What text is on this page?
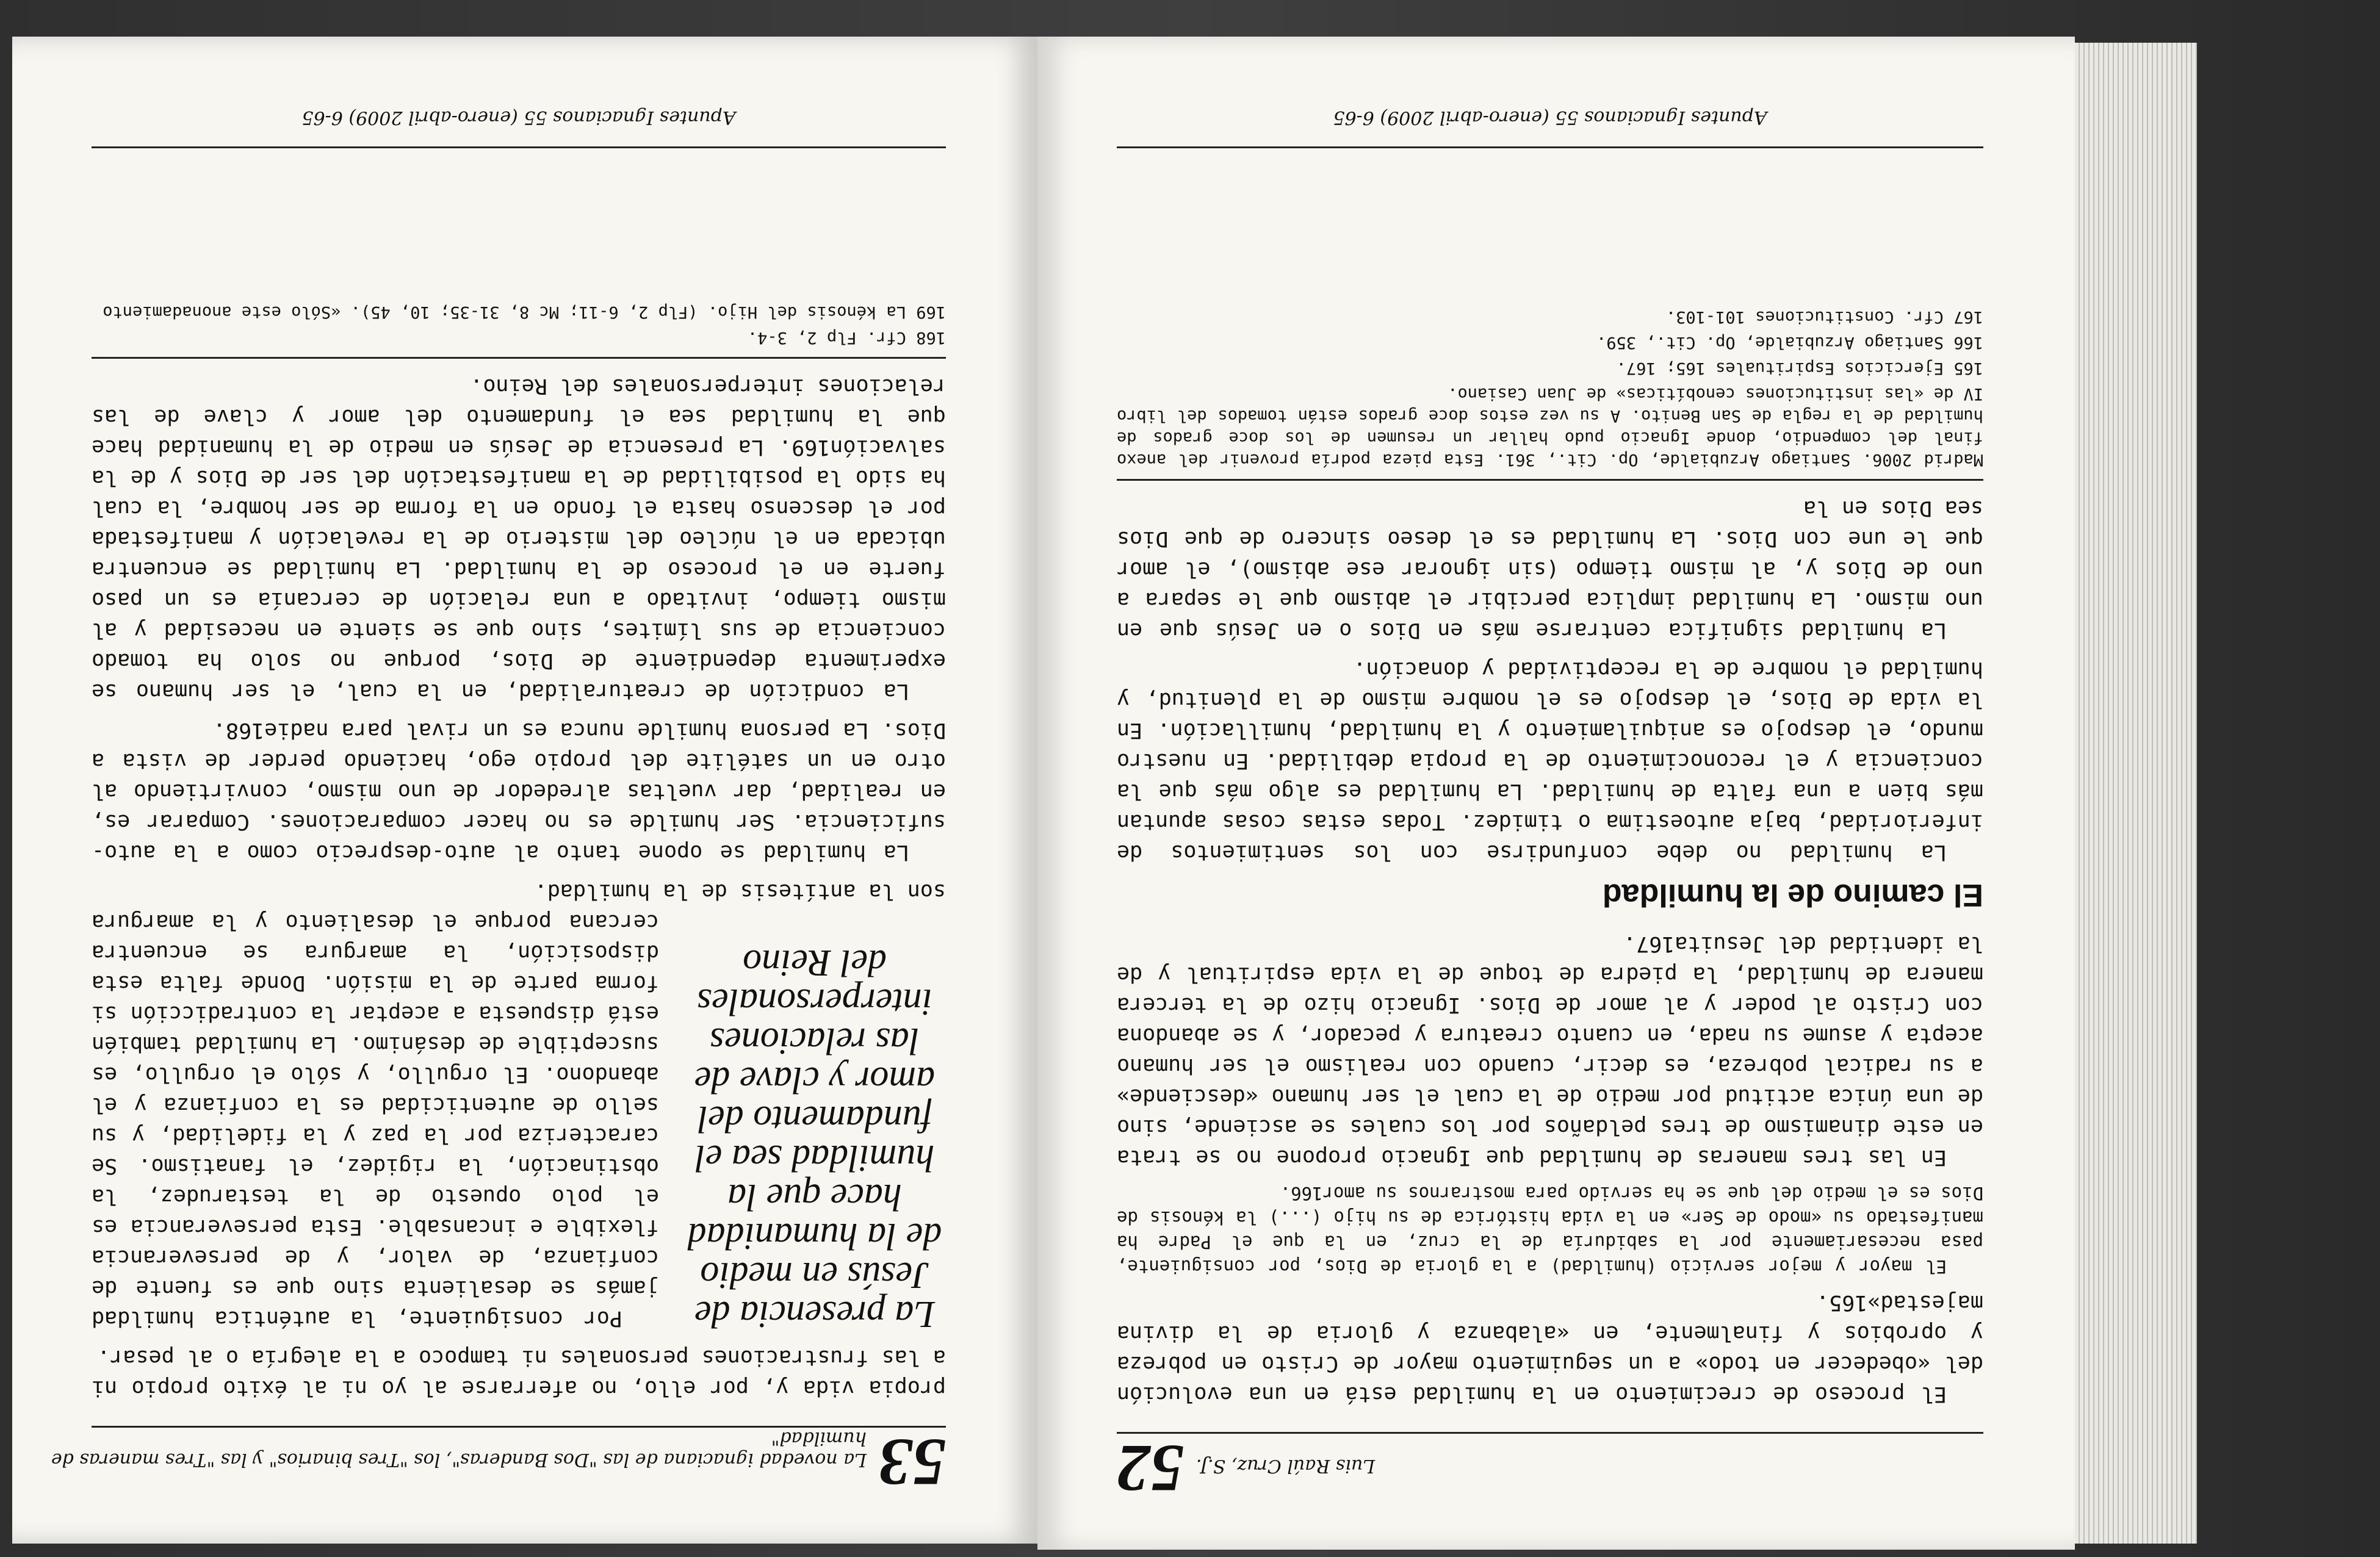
53
La novedad ignaciana de las "Dos Banderas", los "Tres binarios" y las "Tres maneras de humildad"

propia vida y, por ello, no aferrarse al yo ni al éxito propio ni a las frustraciones personales ni tampoco a la alegría o al pesar.

La presencia de Jesús en medio de la humanidad hace que la humildad sea el fundamento del amor y clave de las relaciones interpersonales del Reino

Por consiguiente, la auténtica humildad jamás se desalienta sino que es fuente de confianza, de valor, y de perseverancia flexible e incansable. Esta perseverancia es el polo opuesto de la testarudez, la obstinación, la rigidez, el fanatismo. Se caracteriza por la paz y la fidelidad, y su sello de autenticidad es la confianza y el abandono. El orgullo, y sólo el orgullo, es susceptible de desánimo. La humildad también está dispuesta a aceptar la contradicción si forma parte de la misión. Donde falta esta disposición, la amargura se encuentra cercana porque el desaliento y la amargura son la antítesis de la humildad.

La humildad se opone tanto al auto-desprecio como a la auto-suficiencia. Ser humilde es no hacer comparaciones. Comparar es, en realidad, dar vueltas alrededor de uno mismo, convirtiendo al otro en un satélite del propio ego, haciendo perder de vista a Dios. La persona humilde nunca es un rival para nadie168.

La condición de creaturalidad, en la cual, el ser humano se experimenta dependiente de Dios, porque no solo ha tomado conciencia de sus límites, sino que se siente en necesidad y al mismo tiempo, invitado a una relación de cercanía es un paso fuerte en el proceso de la humildad. La humildad se encuentra ubicada en el núcleo del misterio de la revelación y manifestada por el descenso hasta el fondo en la forma de ser hombre, la cual ha sido la posibilidad de la manifestación del ser de Dios y de la salvación169. La presencia de Jesús en medio de la humanidad hace que la humildad sea el fundamento del amor y clave de las relaciones interpersonales del Reino.

168 Cfr. Flp 2, 3-4.
169 La kénosis del Hijo. (Flp 2, 6-11; Mc 8, 31-35; 10, 45). «Sólo este anonadamiento
Apuntes Ignacianos 55 (enero-abril 2009) 6-65
Luis Raúl Cruz, S.J.
52

El proceso de crecimiento en la humildad está en una evolución del «obedecer en todo» a un seguimiento mayor de Cristo en pobreza y oprobios y finalmente, en «alabanza y gloria de la divina majestad»165.

El mayor y mejor servicio (humildad) a la gloria de Dios, por consiguiente, pasa necesariamente por la sabiduría de la cruz, en la que el Padre ha manifestado su «modo de Ser» en la vida histórica de su hijo (...) la kénosis de Dios es el medio del que se ha servido para mostrarnos su amor166.

En las tres maneras de humildad que Ignacio propone no se trata en este dinamismo de tres peldaños por los cuales se asciende, sino de una única actitud por medio de la cual el ser humano «desciende» a su radical pobreza, es decir, cuando con realismo el ser humano acepta y asume su nada, en cuanto creatura y pecador, y se abandona con Cristo al poder y al amor de Dios. Ignacio hizo de la tercera manera de humildad, la piedra de toque de la vida espiritual y de la identidad del Jesuita167.

El camino de la humildad

La humildad no debe confundirse con los sentimientos de inferioridad, baja autoestima o timidez. Todas estas cosas apuntan más bien a una falta de humildad. La humildad es algo más que la conciencia y el reconocimiento de la propia debilidad. En nuestro mundo, el despojo es aniquilamiento y la humildad, humillación. En la vida de Dios, el despojo es el nombre mismo de la plenitud, y humildad el nombre de la receptividad y donación.

La humildad significa centrarse más en Dios o en Jesús que en uno mismo. La humildad implica percibir el abismo que le separa a uno de Dios y, al mismo tiempo (sin ignorar ese abismo), el amor que le une con Dios. La humildad es el deseo sincero de que Dios sea Dios en la

Madrid 2006. Santiago Arzubialde, Op. Cit., 361. Esta pieza podría provenir del anexo final del compendio, donde Ignacio pudo hallar un resumen de los doce grados de humildad de la regla de San Benito. A su vez estos doce grados están tomados del libro IV de «las instituciones cenobíticas» de Juan Casiano.
165 Ejercicios Espirituales 165; 167.
166 Santiago Arzubialde, Op. Cit., 359.
167 Cfr. Constituciones 101-103.
Apuntes Ignacianos 55 (enero-abril 2009) 6-65
